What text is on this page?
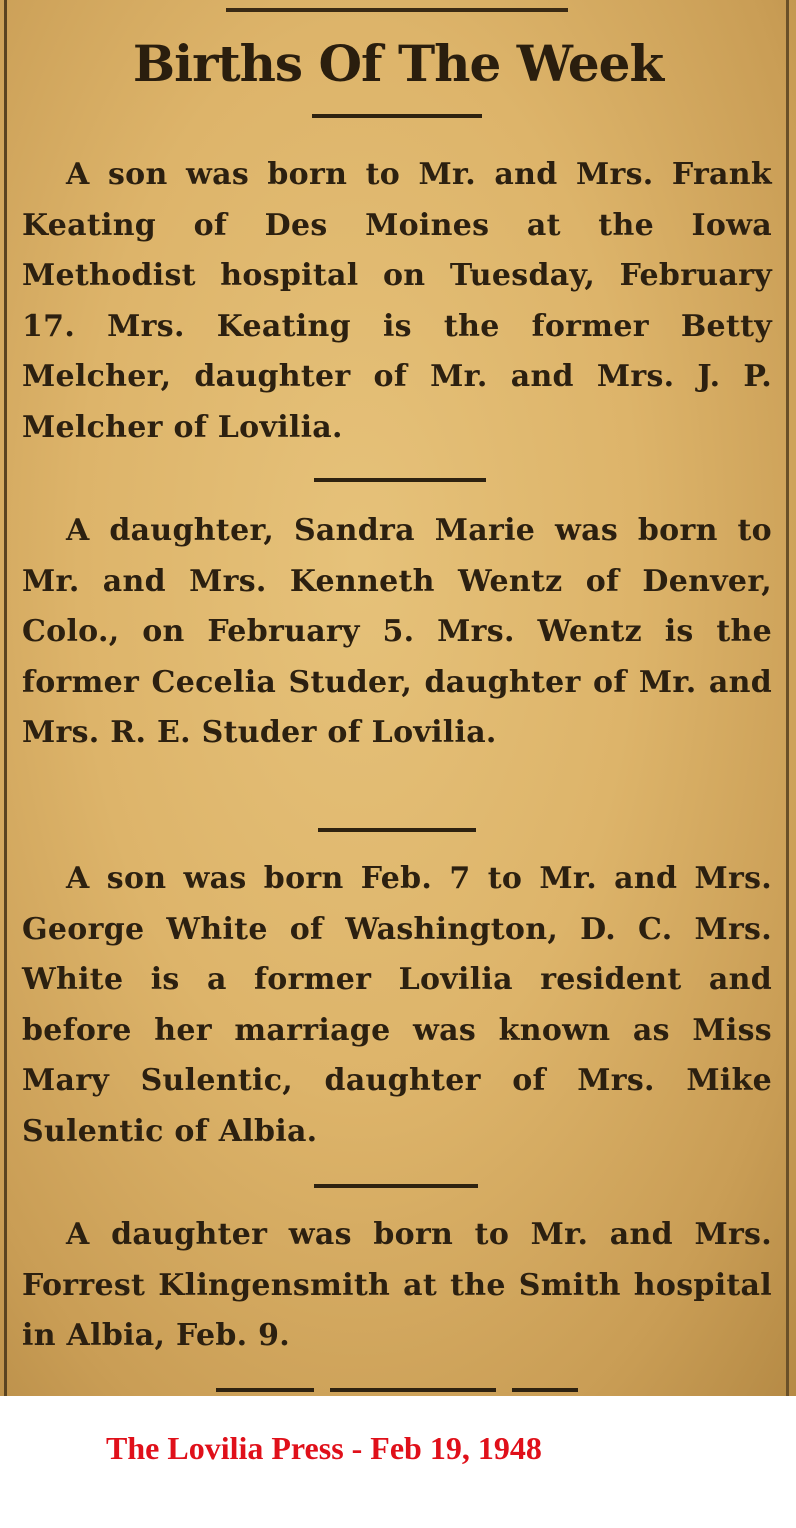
Births Of The Week

A son was born to Mr. and Mrs. Frank Keating of Des Moines at the Iowa Methodist hospital on Tuesday, February 17. Mrs. Keating is the former Betty Melcher, daughter of Mr. and Mrs. J. P. Melcher of Lovilia.

A daughter, Sandra Marie was born to Mr. and Mrs. Kenneth Wentz of Denver, Colo., on February 5. Mrs. Wentz is the former Cecelia Studer, daughter of Mr. and Mrs. R. E. Studer of Lovilia.

A son was born Feb. 7 to Mr. and Mrs. George White of Washington, D. C. Mrs. White is a former Lovilia resident and before her marriage was known as Miss Mary Sulentic, daughter of Mrs. Mike Sulentic of Albia.

A daughter was born to Mr. and Mrs. Forrest Klingensmith at the Smith hospital in Albia, Feb. 9.

The Lovilia Press - Feb 19, 1948
